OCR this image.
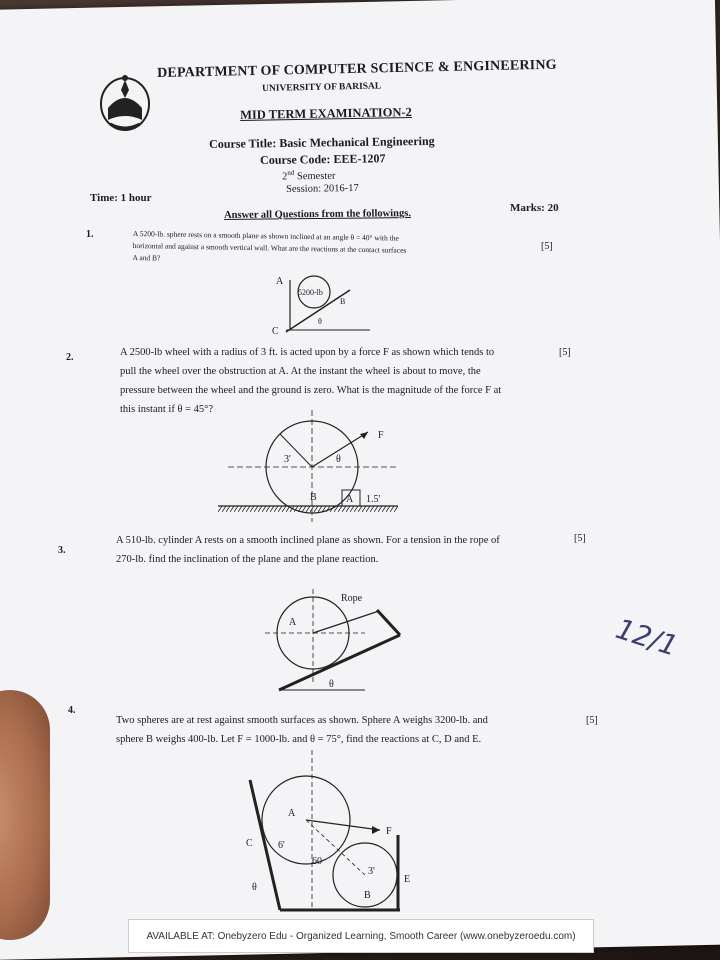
DEPARTMENT OF COMPUTER SCIENCE & ENGINEERING
UNIVERSITY OF BARISAL
MID TERM EXAMINATION-2
Course Title: Basic Mechanical Engineering
Course Code: EEE-1207
2nd Semester
Session: 2016-17
Time: 1 hour
Marks: 20
Answer all Questions from the followings.
1.	A 5200-lb. sphere rests on a smooth plane as shown inclined at an angle θ = 40° with the
horizontal and against a smooth vertical wall. What are the reactions at the contact surfaces
A and B?
[5]
A
B
C
5200-lb
θ
2.	A 2500-lb wheel with a radius of 3 ft. is acted upon by a force F as shown which tends to
pull the wheel over the obstruction at A. At the instant the wheel is about to move, the
pressure between the wheel and the ground is zero. What is the magnitude of the force F at
this instant if θ = 45°?
[5]
F
3'	θ
B	A 1.5'
3.
A 510-lb. cylinder A rests on a smooth inclined plane as shown. For a tension in the rope of
270-lb. find the inclination of the plane and the plane reaction.
[5]
Rope
A
θ
4.
Two spheres are at rest against smooth surfaces as shown. Sphere A weighs 3200-lb. and
sphere B weighs 400-lb. Let F = 1000-lb. and θ = 75°, find the reactions at C, D and E.
[5]
A
B
C
E
F
6'
3'
60
θ
12/1
AVAILABLE AT: Onebyzero Edu - Organized Learning, Smooth Career (www.onebyzeroedu.com)
